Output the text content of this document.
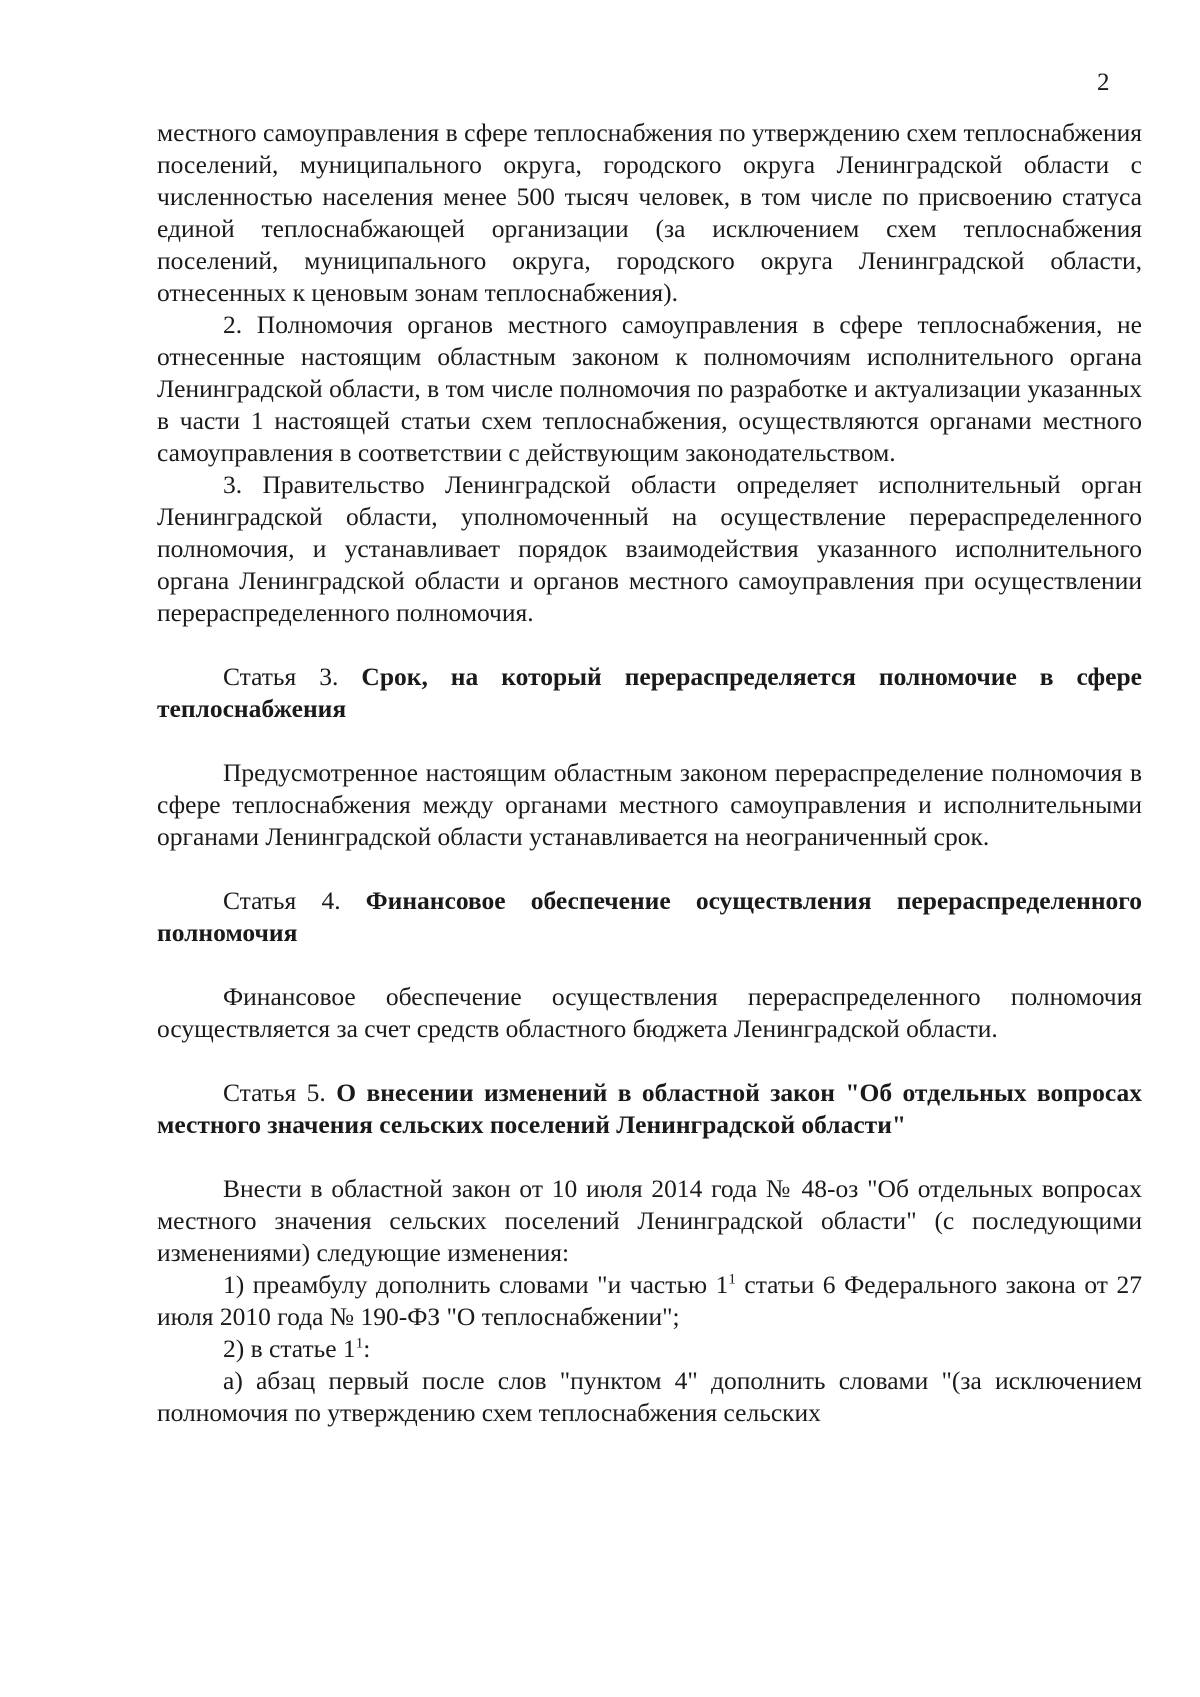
2

местного самоуправления в сфере теплоснабжения по утверждению схем теплоснабжения поселений, муниципального округа, городского округа Ленинградской области с численностью населения менее 500 тысяч человек, в том числе по присвоению статуса единой теплоснабжающей организации (за исключением схем теплоснабжения поселений, муниципального округа, городского округа Ленинградской области, отнесенных к ценовым зонам теплоснабжения).

2. Полномочия органов местного самоуправления в сфере теплоснабжения, не отнесенные настоящим областным законом к полномочиям исполнительного органа Ленинградской области, в том числе полномочия по разработке и актуализации указанных в части 1 настоящей статьи схем теплоснабжения, осуществляются органами местного самоуправления в соответствии с действующим законодательством.

3. Правительство Ленинградской области определяет исполнительный орган Ленинградской области, уполномоченный на осуществление перераспределенного полномочия, и устанавливает порядок взаимодействия указанного исполнительного органа Ленинградской области и органов местного самоуправления при осуществлении перераспределенного полномочия.

Статья 3. Срок, на который перераспределяется полномочие в сфере теплоснабжения

Предусмотренное настоящим областным законом перераспределение полномочия в сфере теплоснабжения между органами местного самоуправления и исполнительными органами Ленинградской области устанавливается на неограниченный срок.

Статья 4. Финансовое обеспечение осуществления перераспределенного полномочия

Финансовое обеспечение осуществления перераспределенного полномочия осуществляется за счет средств областного бюджета Ленинградской области.

Статья 5. О внесении изменений в областной закон "Об отдельных вопросах местного значения сельских поселений Ленинградской области"

Внести в областной закон от 10 июля 2014 года № 48-оз "Об отдельных вопросах местного значения сельских поселений Ленинградской области" (с последующими изменениями) следующие изменения:

1) преамбулу дополнить словами "и частью $1^1$ статьи 6 Федерального закона от 27 июля 2010 года № 190-ФЗ "О теплоснабжении";

2) в статье $1^1$:

а) абзац первый после слов "пунктом 4" дополнить словами "(за исключением полномочия по утверждению схем теплоснабжения сельских
